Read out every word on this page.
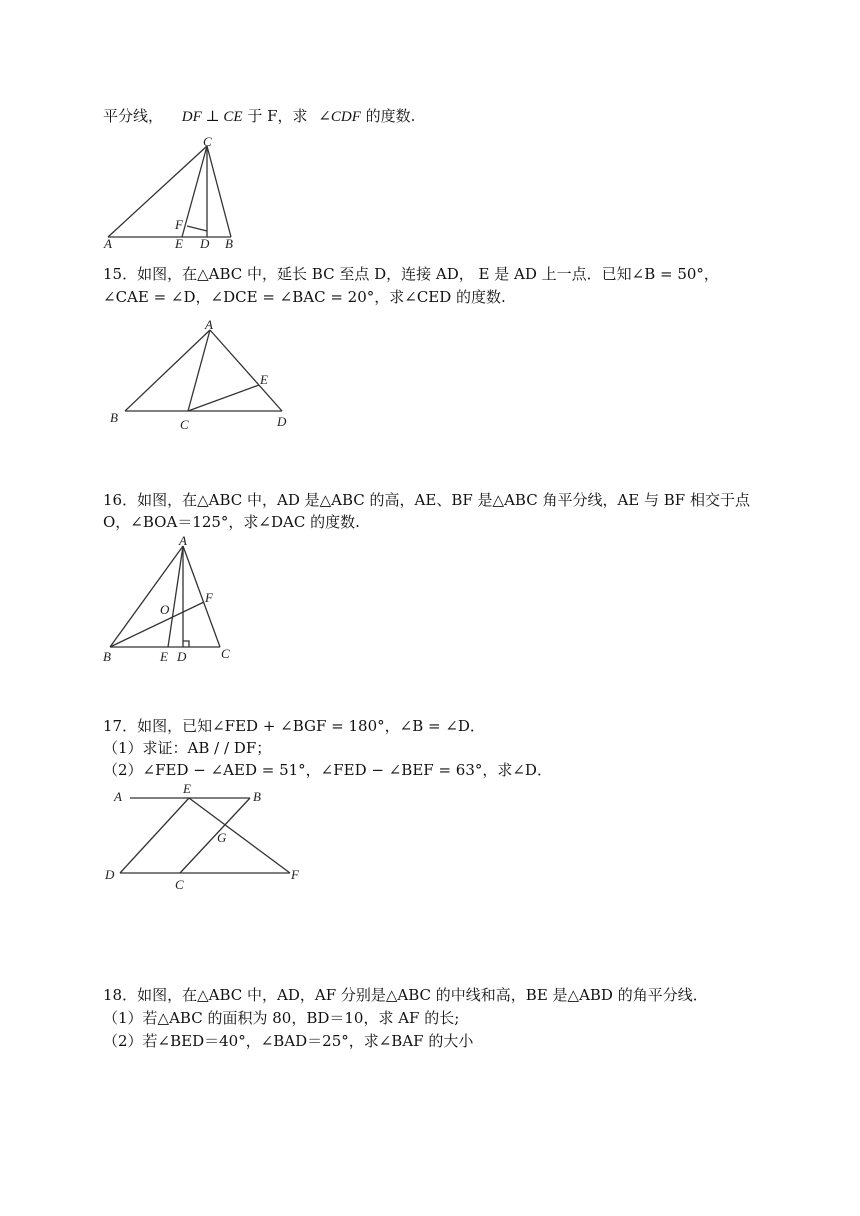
平分线， DF ⊥ CE 于 F，求 ∠CDF 的度数.
C
F
A	E D B
15．如图，在△ABC 中，延长 BC 至点 D，连接 AD， E 是 AD 上一点．已知∠B = 50°，
∠CAE = ∠D，∠DCE = ∠BAC = 20°，求∠CED 的度数.
A
E
B	C	D
16．如图，在△ABC 中，AD 是△ABC 的高，AE、BF 是△ABC 角平分线，AE 与 BF 相交于点
O，∠BOA＝125°，求∠DAC 的度数.
A
O
F
B	E D	C
17．如图，已知∠FED + ∠BGF = 180°，∠B = ∠D．
（1）求证：AB / / DF；
（2）∠FED − ∠AED = 51°，∠FED − ∠BEF = 63°，求∠D．
A
E
B
G
D
C
F
18．如图，在△ABC 中，AD，AF 分别是△ABC 的中线和高，BE 是△ABD 的角平分线．
（1）若△ABC 的面积为 80，BD＝10，求 AF 的长;
（2）若∠BED＝40°，∠BAD＝25°，求∠BAF 的大小
